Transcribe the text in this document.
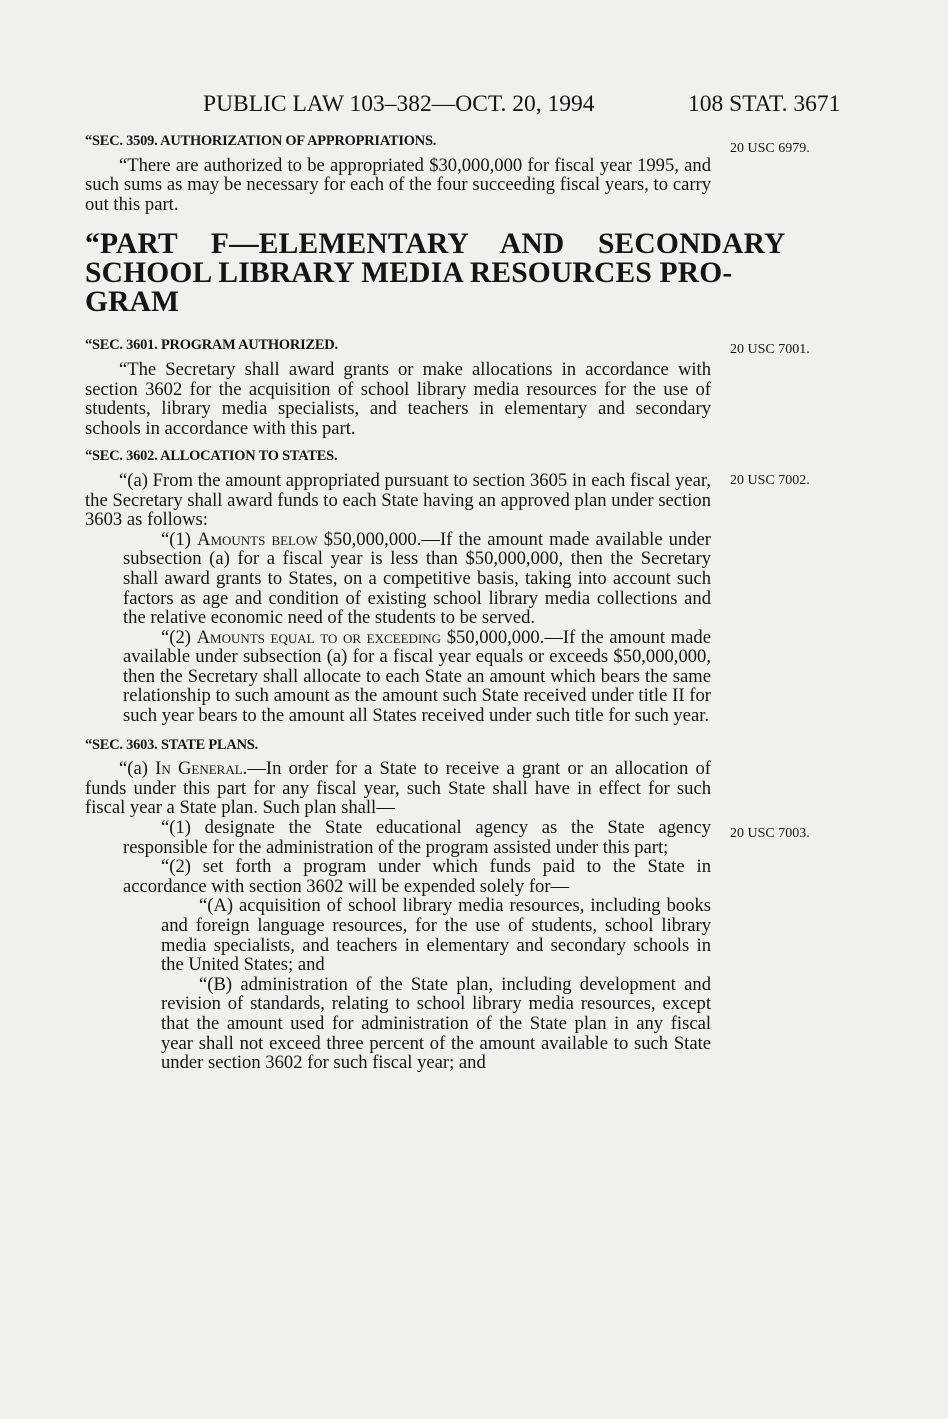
PUBLIC LAW 103–382—OCT. 20, 1994	108 STAT. 3671
20 USC 6979.
20 USC 7001.
20 USC 7002.
20 USC 7003.
“SEC. 3509. AUTHORIZATION OF APPROPRIATIONS.

“There are authorized to be appropriated $30,000,000 for fiscal year 1995, and such sums as may be necessary for each of the four succeeding fiscal years, to carry out this part.

“PART F—ELEMENTARY AND SECONDARY
SCHOOL LIBRARY MEDIA RESOURCES PRO-
GRAM
“SEC. 3601. PROGRAM AUTHORIZED.

“The Secretary shall award grants or make allocations in accordance with section 3602 for the acquisition of school library media resources for the use of students, library media specialists, and teachers in elementary and secondary schools in accordance with this part.

“SEC. 3602. ALLOCATION TO STATES.

“(a) From the amount appropriated pursuant to section 3605 in each fiscal year, the Secretary shall award funds to each State having an approved plan under section 3603 as follows:

“(1) Amounts below $50,000,000.—If the amount made available under subsection (a) for a fiscal year is less than $50,000,000, then the Secretary shall award grants to States, on a competitive basis, taking into account such factors as age and condition of existing school library media collections and the relative economic need of the students to be served.

“(2) Amounts equal to or exceeding $50,000,000.—If the amount made available under subsection (a) for a fiscal year equals or exceeds $50,000,000, then the Secretary shall allocate to each State an amount which bears the same relationship to such amount as the amount such State received under title II for such year bears to the amount all States received under such title for such year.

“SEC. 3603. STATE PLANS.

“(a) In General.—In order for a State to receive a grant or an allocation of funds under this part for any fiscal year, such State shall have in effect for such fiscal year a State plan. Such plan shall—

“(1) designate the State educational agency as the State agency responsible for the administration of the program assisted under this part;

“(2) set forth a program under which funds paid to the State in accordance with section 3602 will be expended solely for—

“(A) acquisition of school library media resources, including books and foreign language resources, for the use of students, school library media specialists, and teachers in elementary and secondary schools in the United States; and

“(B) administration of the State plan, including development and revision of standards, relating to school library media resources, except that the amount used for administration of the State plan in any fiscal year shall not exceed three percent of the amount available to such State under section 3602 for such fiscal year; and
